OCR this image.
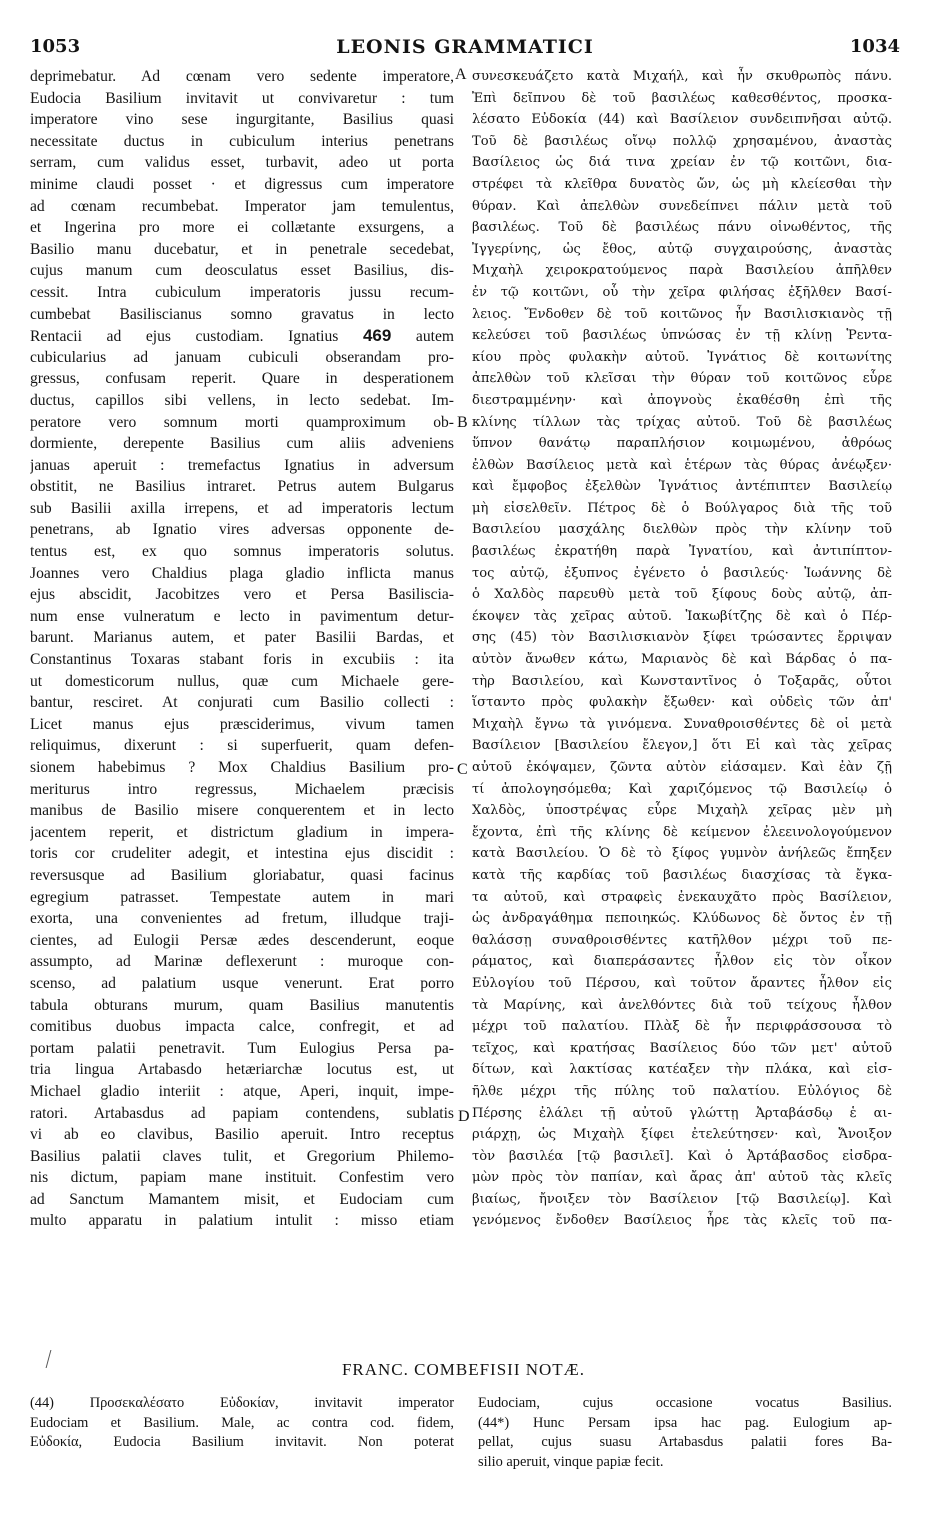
1053	LEONIS GRAMMATICI	1034
deprimebatur. Ad cœnam vero sedente imperatore,
Eudocia Basilium invitavit ut convivaretur : tum
imperatore vino sese ingurgitante, Basilius quasi
necessitate ductus in cubiculum interius penetrans
serram, cum validus esset, turbavit, adeo ut porta
minime claudi posset · et digressus cum imperatore
ad cœnam recumbebat. Imperator jam temulentus,
et Ingerina pro more ei collætante exsurgens, a
Basilio manu ducebatur, et in penetrale secedebat,
cujus manum cum deosculatus esset Basilius, dis-
cessit. Intra cubiculum imperatoris jussu recum-
cumbebat Basiliscianus somno gravatus in lecto
Rentacii ad ejus custodiam. Ignatius 469 autem
cubicularius ad januam cubiculi obserandam pro-
gressus, confusam reperit. Quare in desperationem
ductus, capillos sibi vellens, in lecto sedebat. Im-
peratore vero somnum morti quamproximum ob-
dormiente, derepente Basilius cum aliis adveniens
januas aperuit : tremefactus Ignatius in adversum
obstitit, ne Basilius intraret. Petrus autem Bulgarus
sub Basilii axilla irrepens, et ad imperatoris lectum
penetrans, ab Ignatio vires adversas opponente de-
tentus est, ex quo somnus imperatoris solutus.
Joannes vero Chaldius plaga gladio inflicta manus
ejus abscidit, Jacobitzes vero et Persa Basilisciа-
num ense vulneratum e lecto in pavimentum detur-
barunt. Marianus autem, et pater Basilii Bardas, et
Constantinus Toxaras stabant foris in excubiis : ita
ut domesticorum nullus, quæ cum Michaele gere-
bantur, resciret. At conjurati cum Basilio collecti :
Licet manus ejus præsciderimus, vivum tamen
reliquimus, dixerunt : si superfuerit, quam defen-
sionem habebimus ? Mox Chaldius Basilium pro-
meriturus intro regressus, Michaelem præcisis
manibus de Basilio misere conquerentem et in lecto
jacentem reperit, et districtum gladium in impera-
toris cor crudeliter adegit, et intestina ejus discidit :
reversusque ad Basilium gloriabatur, quasi facinus
egregium patrasset. Tempestate autem in mari
exorta, una convenientes ad fretum, illudque traji-
cientes, ad Eulogii Persæ ædes descenderunt, eoque
assumpto, ad Marinæ deflexerunt : muroque con-
scenso, ad palatium usque venerunt. Erat porro
tabula obturans murum, quam Basilius manutentis
comitibus duobus impacta calce, confregit, et ad
portam palatii penetravit. Tum Eulogius Persa pa-
tria lingua Artabasdo hetæriarchæ locutus est, ut
Michael gladio interiit : atque, Aperi, inquit, impe-
ratori. Artabasdus ad papiam contendens, sublatis
vi ab eo clavibus, Basilio aperuit. Intro receptus
Basilius palatii claves tulit, et Gregorium Philemo-
nis dictum, papiam mane instituit. Confestim vero
ad Sanctum Mamantem misit, et Eudociam cum
multo apparatu in palatium intulit : misso etiam
A
B
C
D
συνεσκευάζετο κατὰ Μιχαήλ, καὶ ἦν σκυθρωπὸς πάνυ.
Ἐπὶ δεῖπνου δὲ τοῦ βασιλέως καθεσθέντος, προσκα-
λέσατο Εὐδοκία (44) καὶ Βασίλειον συνδειπνῆσαι αὐτῷ.
Τοῦ δὲ βασιλέως οἴνῳ πολλῷ χρησαμένου, ἀναστὰς
Βασίλειος ὡς διά τινα χρείαν ἐν τῷ κοιτῶνι, δια-
στρέφει τὰ κλεῖθρα δυνατὸς ὤν, ὡς μὴ κλείεσθαι τὴν
θύραν. Καὶ ἀπελθὼν συνεδείπνει πάλιν μετὰ τοῦ
βασιλέως. Τοῦ δὲ βασιλέως πάνυ οἰνωθέντος, τῆς
Ἰγγερίνης, ὡς ἔθος, αὐτῷ συγχαιρούσης, ἀναστὰς
Μιχαὴλ χειροκρατούμενος παρὰ Βασιλείου ἀπῆλθεν
ἐν τῷ κοιτῶνι, οὗ τὴν χεῖρα φιλήσας ἐξῆλθεν Βασί-
λειος. Ἔνδοθεν δὲ τοῦ κοιτῶνος ἦν Βασιλισκιανὸς τῇ
κελεύσει τοῦ βασιλέως ὑπνώσας ἐν τῇ κλίνῃ Ῥεντα-
κίου πρὸς φυλακὴν αὐτοῦ. Ἰγνάτιος δὲ κοιτωνίτης
ἀπελθὼν τοῦ κλεῖσαι τὴν θύραν τοῦ κοιτῶνος εὗρε
διεστραμμένην· καὶ ἀπογνοὺς ἐκαθέσθη ἐπὶ τῆς
κλίνης τίλλων τὰς τρίχας αὐτοῦ. Τοῦ δὲ βασιλέως
ὕπνον θανάτῳ παραπλήσιον κοιμωμένου, ἀθρόως
ἐλθὼν Βασίλειος μετὰ καὶ ἑτέρων τὰς θύρας ἀνέῳξεν·
καὶ ἔμφοβος ἐξελθὼν Ἰγνάτιος ἀντέπιπτεν Βασιλείῳ
μὴ εἰσελθεῖν. Πέτρος δὲ ὁ Βούλγαρος διὰ τῆς τοῦ
Βασιλείου μασχάλης διελθὼν πρὸς τὴν κλίνην τοῦ
βασιλέως ἐκρατήθη παρὰ Ἰγνατίου, καὶ ἀντιπίπτον-
τος αὐτῷ, ἐξυπνος ἐγένετο ὁ βασιλεύς· Ἰωάννης δὲ
ὁ Χαλδὸς παρευθὺ μετὰ τοῦ ξίφους δοὺς αὐτῷ, ἀπ-
έκοψεν τὰς χεῖρας αὐτοῦ. Ἰακωβίτζης δὲ καὶ ὁ Πέρ-
σης (45) τὸν Βασιλισκιανὸν ξίφει τρώσαντες ἔρριψαν
αὐτὸν ἄνωθεν κάτω, Μαριανὸς δὲ καὶ Βάρδας ὁ πα-
τὴρ Βασιλείου, καὶ Κωνσταντῖνος ὁ Τοξαρᾶς, οὗτοι
ἵσταντο πρὸς φυλακὴν ἔξωθεν· καὶ οὐδεὶς τῶν ἀπ'
Μιχαὴλ ἔγνω τὰ γινόμενα. Συναθροισθέντες δὲ οἱ μετὰ
Βασίλειον [Βασιλείου ἔλεγον,] ὅτι Εἰ καὶ τὰς χεῖρας
αὐτοῦ ἐκόψαμεν, ζῶντα αὐτὸν εἰάσαμεν. Καὶ ἐὰν ζῇ
τί ἀπολογησόμεθα; Καὶ χαριζόμενος τῷ Βασιλείῳ ὁ
Χαλδὸς, ὑποστρέψας εὗρε Μιχαὴλ χεῖρας μὲν μὴ
ἔχοντα, ἐπὶ τῆς κλίνης δὲ κείμενον ἐλεεινολογούμενον
κατὰ Βασιλείου. Ὁ δὲ τὸ ξίφος γυμνὸν ἀνήλεῶς ἔπηξεν
κατὰ τῆς καρδίας τοῦ βασιλέως διασχίσας τὰ ἔγκα-
τα αὐτοῦ, καὶ στραφεὶς ἐνεκαυχᾶτο πρὸς Βασίλειον,
ὡς ἀνδραγάθημα πεποιηκώς. Κλύδωνος δὲ ὄντος ἐν τῇ
θαλάσσῃ συναθροισθέντες κατῆλθον μέχρι τοῦ πε-
ράματος, καὶ διαπεράσαντες ἦλθον εἰς τὸν οἶκον
Εὐλογίου τοῦ Πέρσου, καὶ τοῦτον ἄραντες ἦλθον εἰς
τὰ Μαρίνης, καὶ ἀνελθόντες διὰ τοῦ τείχους ἦλθον
μέχρι τοῦ παλατίου. Πλὰξ δὲ ἦν περιφράσσουσα τὸ
τεῖχος, καὶ κρατήσας Βασίλειος δύο τῶν μετ' αὐτοῦ
δίτων, καὶ λακτίσας κατέαξεν τὴν πλάκα, καὶ εἰσ-
ῆλθε μέχρι τῆς πύλης τοῦ παλατίου. Εὐλόγιος δὲ
Πέρσης ἐλάλει τῇ αὐτοῦ γλώττῃ Ἀρταβάσδῳ ἑ αι-
ριάρχῃ, ὡς Μιχαὴλ ξίφει ἐτελεύτησεν· καὶ, Ἄνοιξον
τὸν βασιλέα [τῷ βασιλεῖ]. Καὶ ὁ Ἀρτάβασδος εἰσδρα-
μὼν πρὸς τὸν παπίαν, καὶ ἄρας ἀπ' αὐτοῦ τὰς κλεῖς
βιαίως, ἤνοιξεν τὸν Βασίλειον [τῷ Βασιλείῳ]. Καὶ
γενόμενος ἔνδοθεν Βασίλειος ἦρε τὰς κλεῖς τοῦ πα-
FRANC. COMBEFISII NOTÆ.
(44) Προσεκαλέσατο Εὐδοκίαν, invitavit imperator
Eudociam et Basilium. Male, ac contra cod. fidem,
Εὐδοκία, Eudocia Basilium invitavit. Non poterat
Eudociam, cujus occasione vocatus Basilius.
(44*) Hunc Persam ipsa hac pag. Eulogium ap-
pellat, cujus suasu Artabasdus palatii fores Ba-
silio aperuit, vinque papiæ fecit.
